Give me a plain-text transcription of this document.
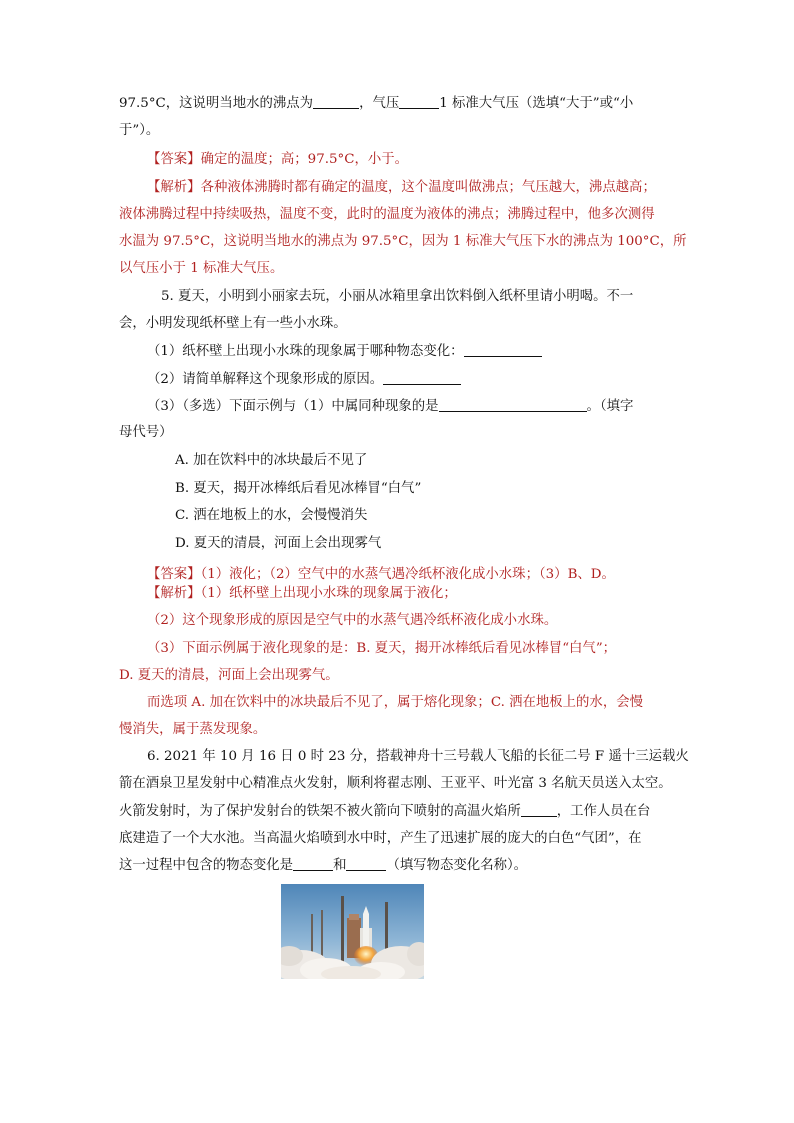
97.5°C，这说明当地水的沸点为	，气压	1 标准大气压（选填“大于”或“小
于”）。
【答案】确定的温度；高；97.5°C，小于。
【解析】各种液体沸腾时都有确定的温度，这个温度叫做沸点；气压越大，沸点越高；
液体沸腾过程中持续吸热，温度不变，此时的温度为液体的沸点；沸腾过程中，他多次测得
水温为 97.5°C，这说明当地水的沸点为 97.5°C，因为 1 标准大气压下水的沸点为 100°C，所
以气压小于 1 标准大气压。
5. 夏天，小明到小丽家去玩，小丽从冰箱里拿出饮料倒入纸杯里请小明喝。不一
会，小明发现纸杯壁上有一些小水珠。
（1）纸杯壁上出现小水珠的现象属于哪种物态变化：
（2）请简单解释这个现象形成的原因。
（3）（多选）下面示例与（1）中属同种现象的是	。（填字
母代号）
A. 加在饮料中的冰块最后不见了
B. 夏天，揭开冰棒纸后看见冰棒冒“白气”
C. 洒在地板上的水，会慢慢消失
D. 夏天的清晨，河面上会出现雾气
【答案】（1）液化；（2）空气中的水蒸气遇冷纸杯液化成小水珠；（3）B、D。
【解析】（1）纸杯壁上出现小水珠的现象属于液化；
（2）这个现象形成的原因是空气中的水蒸气遇冷纸杯液化成小水珠。
（3）下面示例属于液化现象的是：B. 夏天，揭开冰棒纸后看见冰棒冒“白气”；
D. 夏天的清晨，河面上会出现雾气。
而选项 A. 加在饮料中的冰块最后不见了，属于熔化现象；C. 洒在地板上的水，会慢
慢消失，属于蒸发现象。
6. 2021 年 10 月 16 日 0 时 23 分，搭载神舟十三号载人飞船的长征二号 F 遥十三运载火
箭在酒泉卫星发射中心精准点火发射，顺利将翟志刚、王亚平、叶光富 3 名航天员送入太空。
火箭发射时，为了保护发射台的铁架不被火箭向下喷射的高温火焰所	，工作人员在台
底建造了一个大水池。当高温火焰喷到水中时，产生了迅速扩展的庞大的白色“气团”，在
这一过程中包含的物态变化是	和	（填写物态变化名称）。
